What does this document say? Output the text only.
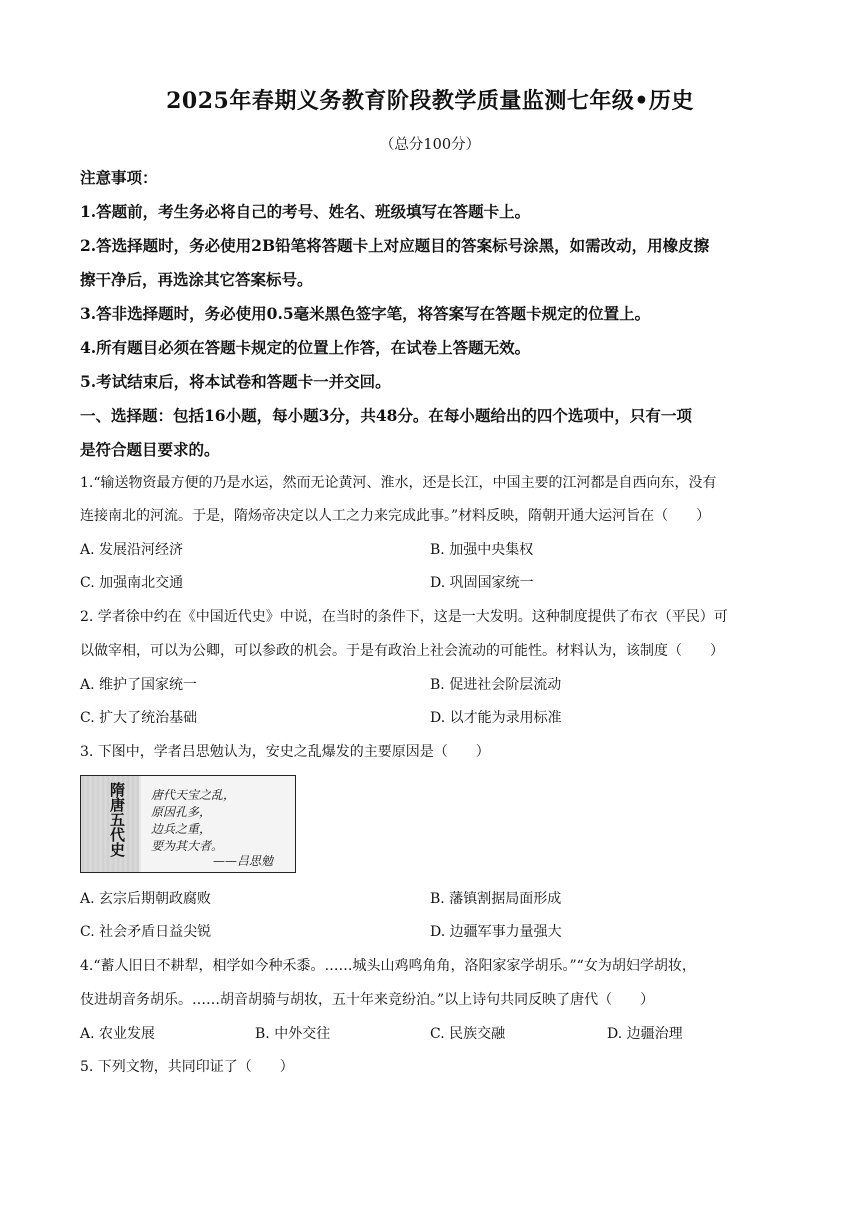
2025年春期义务教育阶段教学质量监测七年级•历史
（总分100分）
注意事项：
1.答题前，考生务必将自己的考号、姓名、班级填写在答题卡上。
2.答选择题时，务必使用2B铅笔将答题卡上对应题目的答案标号涂黑，如需改动，用橡皮擦
擦干净后，再选涂其它答案标号。
3.答非选择题时，务必使用0.5毫米黑色签字笔，将答案写在答题卡规定的位置上。
4.所有题目必须在答题卡规定的位置上作答，在试卷上答题无效。
5.考试结束后，将本试卷和答题卡一并交回。
一、选择题：包括16小题，每小题3分，共48分。在每小题给出的四个选项中，只有一项
是符合题目要求的。
1.“输送物资最方便的乃是水运，然而无论黄河、淮水，还是长江，中国主要的江河都是自西向东，没有
连接南北的河流。于是，隋炀帝决定以人工之力来完成此事。”材料反映，隋朝开通大运河旨在（　　）
A. 发展沿河经济	B. 加强中央集权
C. 加强南北交通	D. 巩固国家统一
2. 学者徐中约在《中国近代史》中说，在当时的条件下，这是一大发明。这种制度提供了布衣（平民）可
以做宰相，可以为公卿，可以参政的机会。于是有政治上社会流动的可能性。材料认为，该制度（　　）
A. 维护了国家统一	B. 促进社会阶层流动
C. 扩大了统治基础	D. 以才能为录用标准
3. 下图中，学者吕思勉认为，安史之乱爆发的主要原因是（　　）
隋唐五代史 唐代天宝之乱，
原因孔多，
边兵之重，
要为其大者。
——吕思勉
A. 玄宗后期朝政腐败	B. 藩镇割据局面形成
C. 社会矛盾日益尖锐	D. 边疆军事力量强大
4.“蓄人旧日不耕犁，相学如今种禾黍。……城头山鸡鸣角角，洛阳家家学胡乐。”“女为胡妇学胡妆，
伎进胡音务胡乐。……胡音胡骑与胡妆，五十年来竞纷泊。”以上诗句共同反映了唐代（　　）
A. 农业发展	B. 中外交往	C. 民族交融	D. 边疆治理
5. 下列文物，共同印证了（　　）
